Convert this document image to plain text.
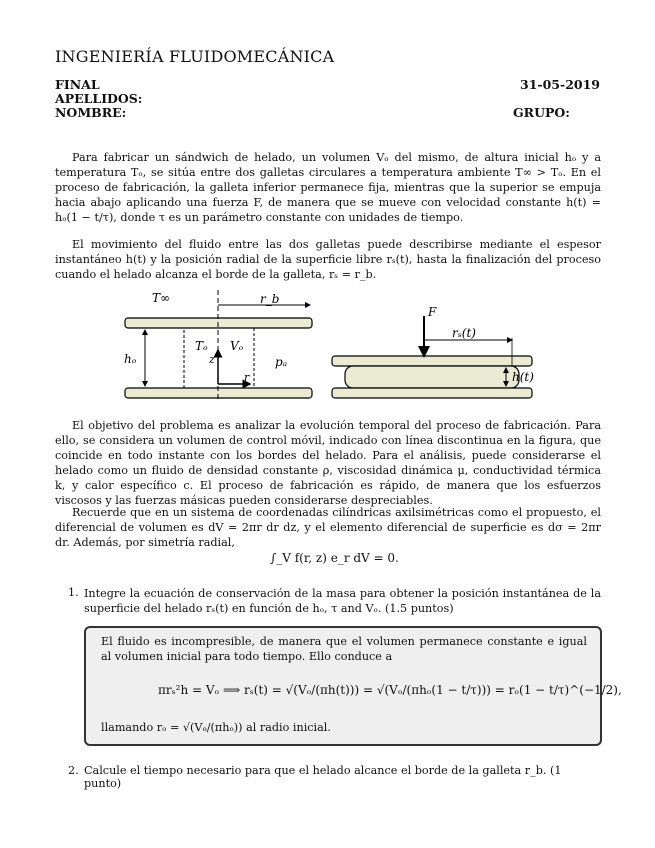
INGENIERÍA FLUIDOMECÁNICA
FINAL	31-05-2019
APELLIDOS:
NOMBRE:	GRUPO:

Para fabricar un sándwich de helado, un volumen Vₒ del mismo, de altura inicial hₒ y a temperatura Tₒ, se sitúa entre dos galletas circulares a temperatura ambiente T∞ > Tₒ. En el proceso de fabricación, la galleta inferior permanece fija, mientras que la superior se empuja hacia abajo aplicando una fuerza F, de manera que se mueve con velocidad constante h(t) = hₒ(1 − t/τ), donde τ es un parámetro constante con unidades de tiempo.

El movimiento del fluido entre las dos galletas puede describirse mediante el espesor instantáneo h(t) y la posición radial de la superficie libre rₛ(t), hasta la finalización del proceso cuando el helado alcanza el borde de la galleta, rₛ = r_b.

T∞	r_b
hₒ
Tₒ Vₒ
z
r
pₐ
F
rₛ(t)
h(t)

El objetivo del problema es analizar la evolución temporal del proceso de fabricación. Para ello, se considera un volumen de control móvil, indicado con línea discontinua en la figura, que coincide en todo instante con los bordes del helado. Para el análisis, puede considerarse el helado como un fluido de densidad constante ρ, viscosidad dinámica μ, conductividad térmica k, y calor específico c. El proceso de fabricación es rápido, de manera que los esfuerzos viscosos y las fuerzas másicas pueden considerarse despreciables.

Recuerde que en un sistema de coordenadas cilíndricas axilsimétricas como el propuesto, el diferencial de volumen es dV = 2πr dr dz, y el elemento diferencial de superficie es dσ = 2πr dr. Además, por simetría radial,

∫_V f(r, z) e_r dV = 0.
1. Integre la ecuación de conservación de la masa para obtener la posición instantánea de la superficie del helado rₛ(t) en función de hₒ, τ and Vₒ. (1.5 puntos)
El fluido es incompresible, de manera que el volumen permanece constante e igual al volumen inicial para todo tiempo. Ello conduce a
πrₛ²h = Vₒ ⟹ rₛ(t) = √(Vₒ/(πh(t))) = √(Vₒ/(πhₒ(1 − t/τ))) = rₒ(1 − t/τ)^(−1/2),
llamando rₒ = √(Vₒ/(πhₒ)) al radio inicial.
2. Calcule el tiempo necesario para que el helado alcance el borde de la galleta r_b. (1 punto)
